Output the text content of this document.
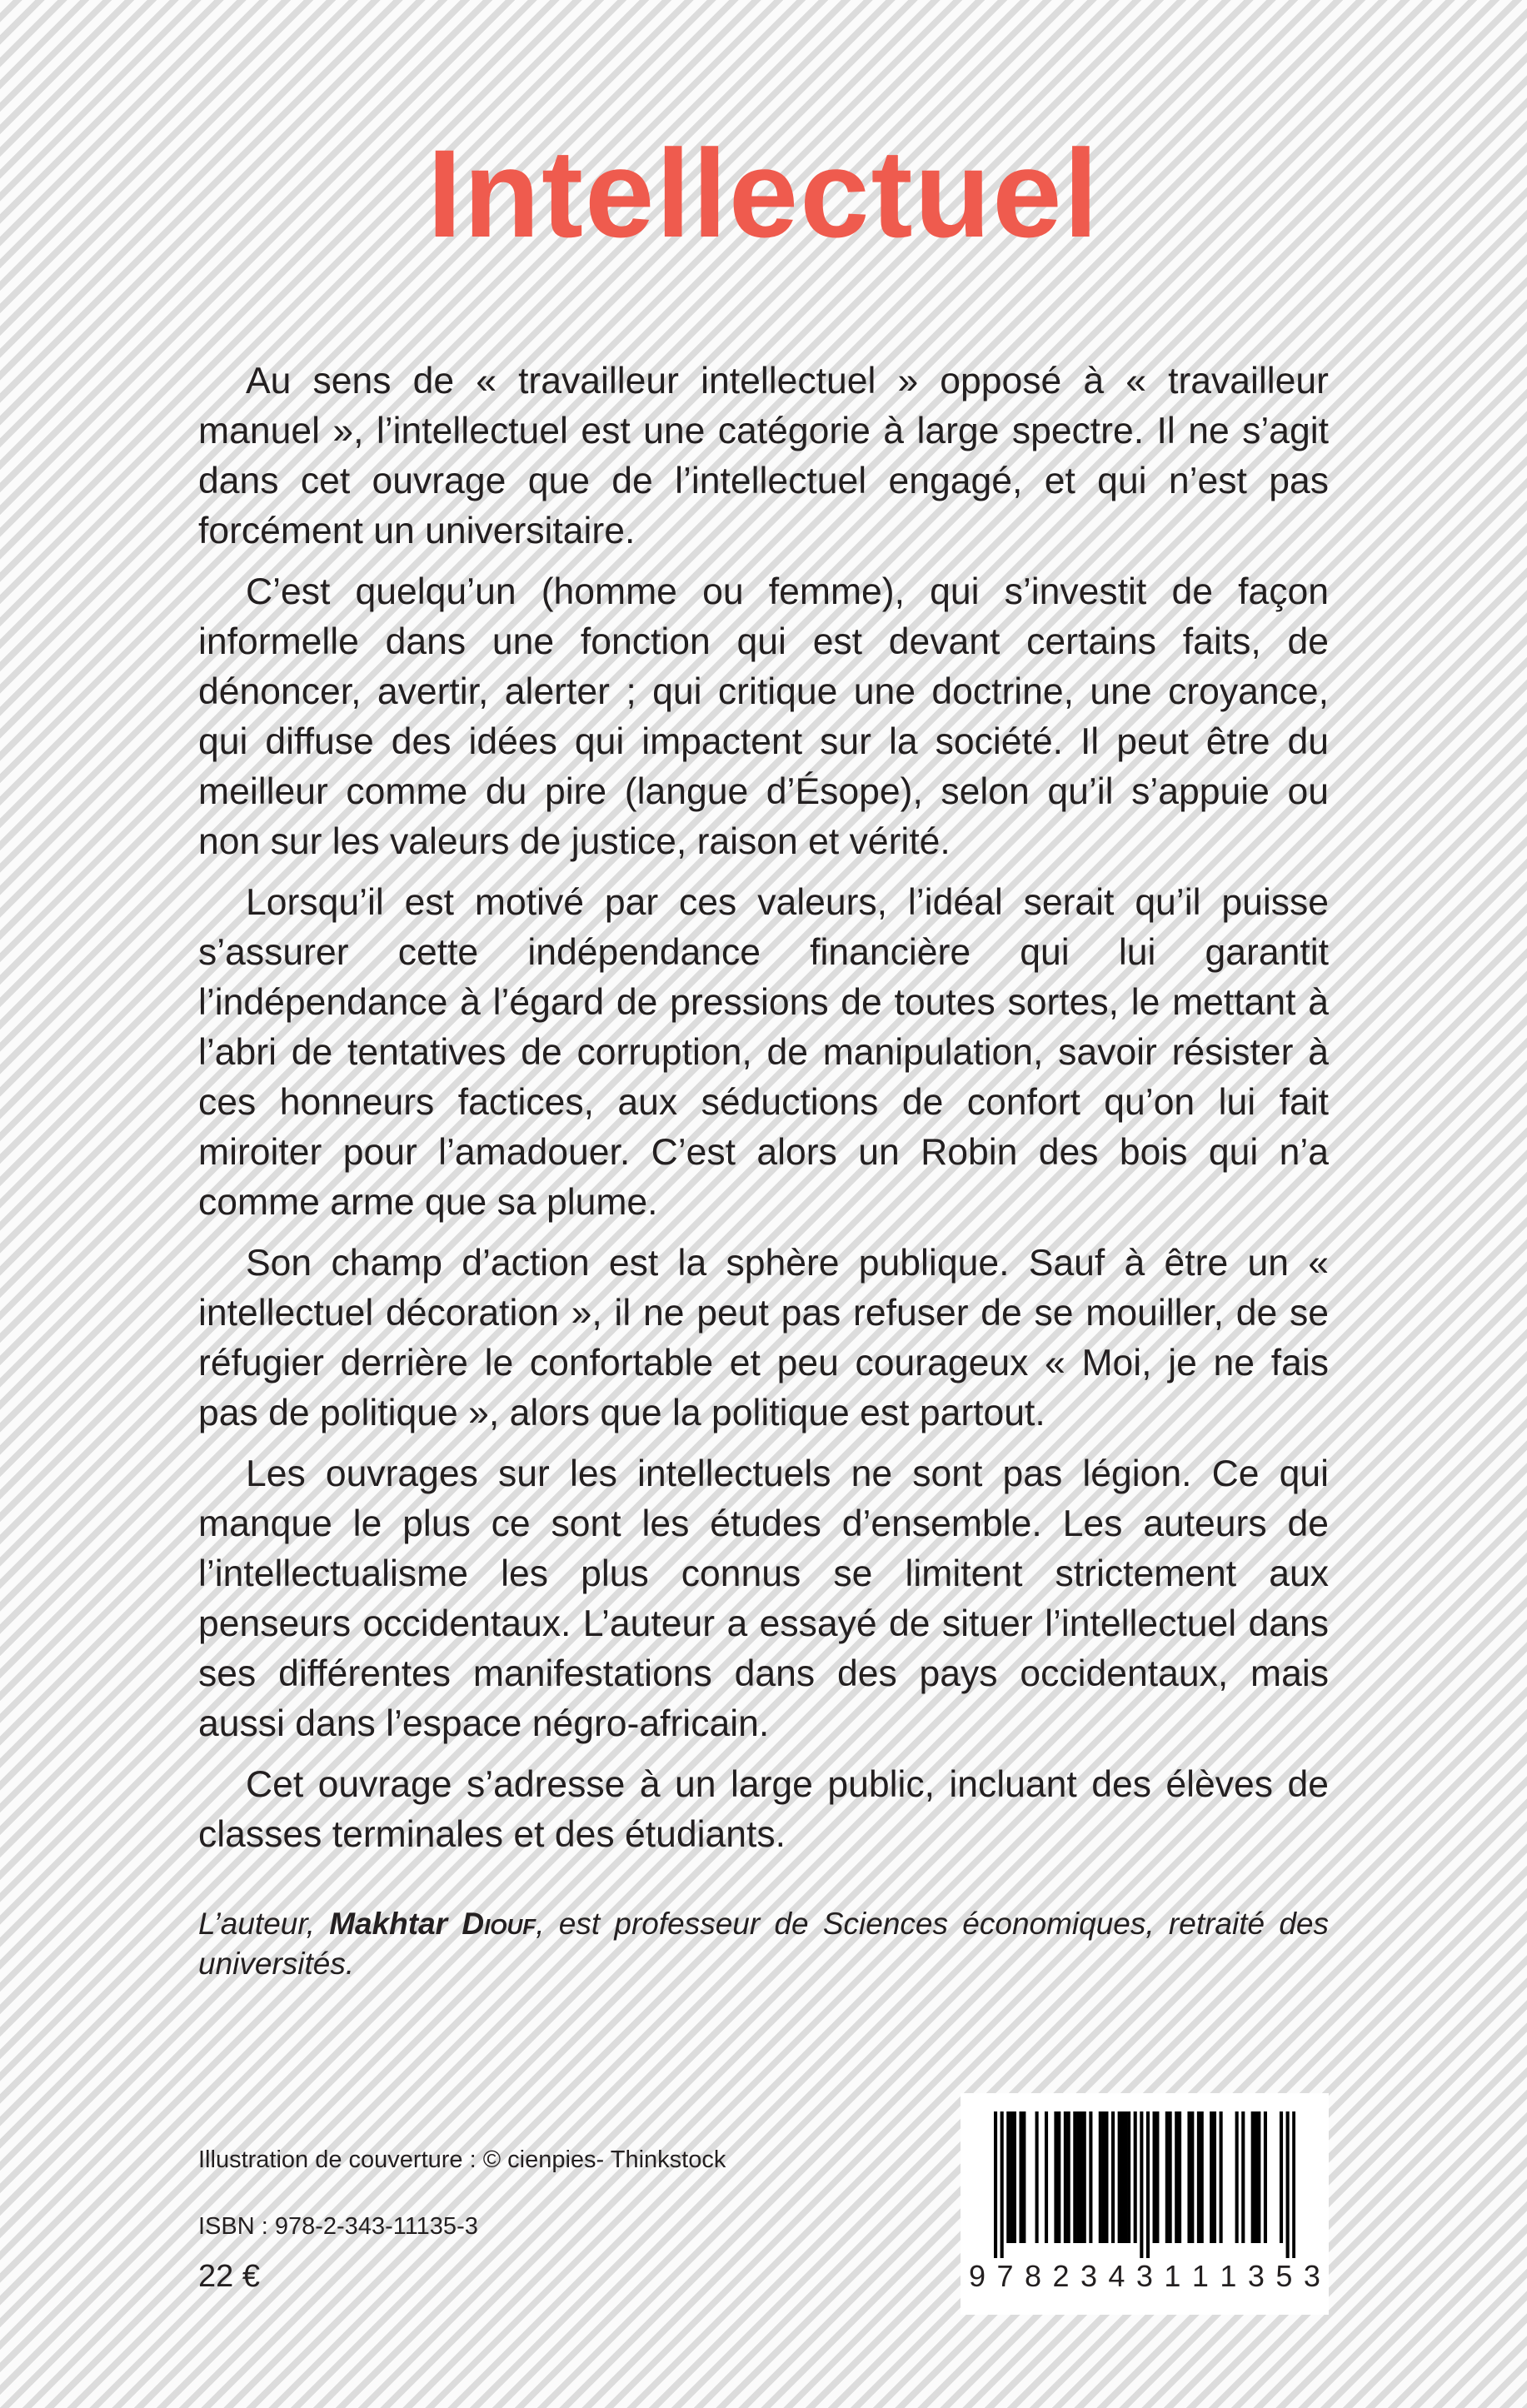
Intellectuel

Au sens de « travailleur intellectuel » opposé à « travailleur manuel », l’intellectuel est une catégorie à large spectre. Il ne s’agit dans cet ouvrage que de l’intellectuel engagé, et qui n’est pas forcément un universitaire.

C’est quelqu’un (homme ou femme), qui s’investit de façon informelle dans une fonction qui est devant certains faits, de dénoncer, avertir, alerter ; qui critique une doctrine, une croyance, qui diffuse des idées qui impactent sur la société. Il peut être du meilleur comme du pire (langue d’Ésope), selon qu’il s’appuie ou non sur les valeurs de justice, raison et vérité.

Lorsqu’il est motivé par ces valeurs, l’idéal serait qu’il puisse s’assurer cette indépendance financière qui lui garantit l’indépendance à l’égard de pressions de toutes sortes, le mettant à l’abri de tentatives de corruption, de manipulation, savoir résister à ces honneurs factices, aux séductions de confort qu’on lui fait miroiter pour l’amadouer. C’est alors un Robin des bois qui n’a comme arme que sa plume.

Son champ d’action est la sphère publique. Sauf à être un « intellectuel décoration », il ne peut pas refuser de se mouiller, de se réfugier derrière le confortable et peu courageux « Moi, je ne fais pas de politique », alors que la politique est partout.

Les ouvrages sur les intellectuels ne sont pas légion. Ce qui manque le plus ce sont les études d’ensemble. Les auteurs de l’intellectualisme les plus connus se limitent strictement aux penseurs occidentaux. L’auteur a essayé de situer l’intellectuel dans ses différentes manifestations dans des pays occidentaux, mais aussi dans l’espace négro-africain.

Cet ouvrage s’adresse à un large public, incluant des élèves de classes terminales et des étudiants.

L’auteur, Makhtar Diouf, est professeur de Sciences économiques, retraité des universités.

Illustration de couverture : © cienpies- Thinkstock

ISBN : 978-2-343-11135-3

22 €	9 7 8 2 3 4 3 1 1 1 3 5 3
